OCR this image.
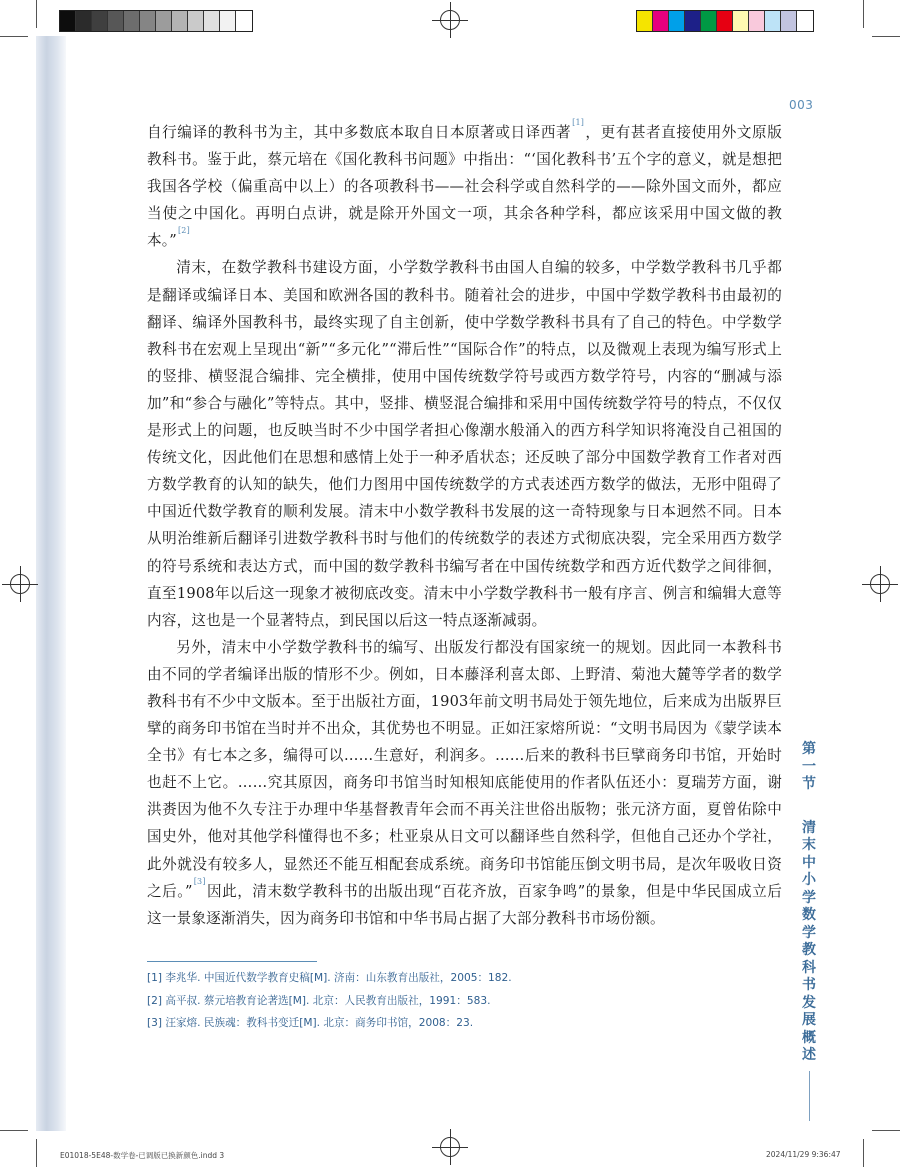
003

自行编译的教科书为主，其中多数底本取自日本原著或日译西著[1]，更有甚者直接使用外文原版教科书。鉴于此，蔡元培在《国化教科书问题》中指出：“‘国化教科书’五个字的意义，就是想把我国各学校（偏重高中以上）的各项教科书——社会科学或自然科学的——除外国文而外，都应当使之中国化。再明白点讲，就是除开外国文一项，其余各种学科，都应该采用中国文做的教本。”[2]

清末，在数学教科书建设方面，小学数学教科书由国人自编的较多，中学数学教科书几乎都是翻译或编译日本、美国和欧洲各国的教科书。随着社会的进步，中国中学数学教科书由最初的翻译、编译外国教科书，最终实现了自主创新，使中学数学教科书具有了自己的特色。中学数学教科书在宏观上呈现出“新”“多元化”“滞后性”“国际合作”的特点，以及微观上表现为编写形式上的竖排、横竖混合编排、完全横排，使用中国传统数学符号或西方数学符号，内容的“删减与添加”和“参合与融化”等特点。其中，竖排、横竖混合编排和采用中国传统数学符号的特点，不仅仅是形式上的问题，也反映当时不少中国学者担心像潮水般涌入的西方科学知识将淹没自己祖国的传统文化，因此他们在思想和感情上处于一种矛盾状态；还反映了部分中国数学教育工作者对西方数学教育的认知的缺失，他们力图用中国传统数学的方式表述西方数学的做法，无形中阻碍了中国近代数学教育的顺利发展。清末中小数学教科书发展的这一奇特现象与日本迥然不同。日本从明治维新后翻译引进数学教科书时与他们的传统数学的表述方式彻底决裂，完全采用西方数学的符号系统和表达方式，而中国的数学教科书编写者在中国传统数学和西方近代数学之间徘徊，直至1908年以后这一现象才被彻底改变。清末中小学数学教科书一般有序言、例言和编辑大意等内容，这也是一个显著特点，到民国以后这一特点逐渐减弱。

另外，清末中小学数学教科书的编写、出版发行都没有国家统一的规划。因此同一本教科书由不同的学者编译出版的情形不少。例如，日本藤泽利喜太郎、上野清、菊池大麓等学者的数学教科书有不少中文版本。至于出版社方面，1903年前文明书局处于领先地位，后来成为出版界巨擘的商务印书馆在当时并不出众，其优势也不明显。正如汪家熔所说：“文明书局因为《蒙学读本全书》有七本之多，编得可以……生意好，利润多。……后来的教科书巨擘商务印书馆，开始时也赶不上它。……究其原因，商务印书馆当时知根知底能使用的作者队伍还小：夏瑞芳方面，谢洪赉因为他不久专注于办理中华基督教青年会而不再关注世俗出版物；张元济方面，夏曾佑除中国史外，他对其他学科懂得也不多；杜亚泉从日文可以翻译些自然科学，但他自己还办个学社，此外就没有较多人，显然还不能互相配套成系统。商务印书馆能压倒文明书局，是次年吸收日资之后。”[3]因此，清末数学教科书的出版出现“百花齐放，百家争鸣”的景象，但是中华民国成立后这一景象逐渐消失，因为商务印书馆和中华书局占据了大部分教科书市场份额。

[1] 李兆华. 中国近代数学教育史稿[M]. 济南：山东教育出版社，2005：182.
[2] 高平叔. 蔡元培教育论著选[M]. 北京：人民教育出版社，1991：583.
[3] 汪家熔. 民族魂：教科书变迁[M]. 北京：商务印书馆，2008：23.
第
一
节
清
末
中
小
学
数
学
教
科
书
发
展
概
述
E01018-5E48-数学卷-已调版已换新颜色.indd 3	2024/11/29 9:36:47
